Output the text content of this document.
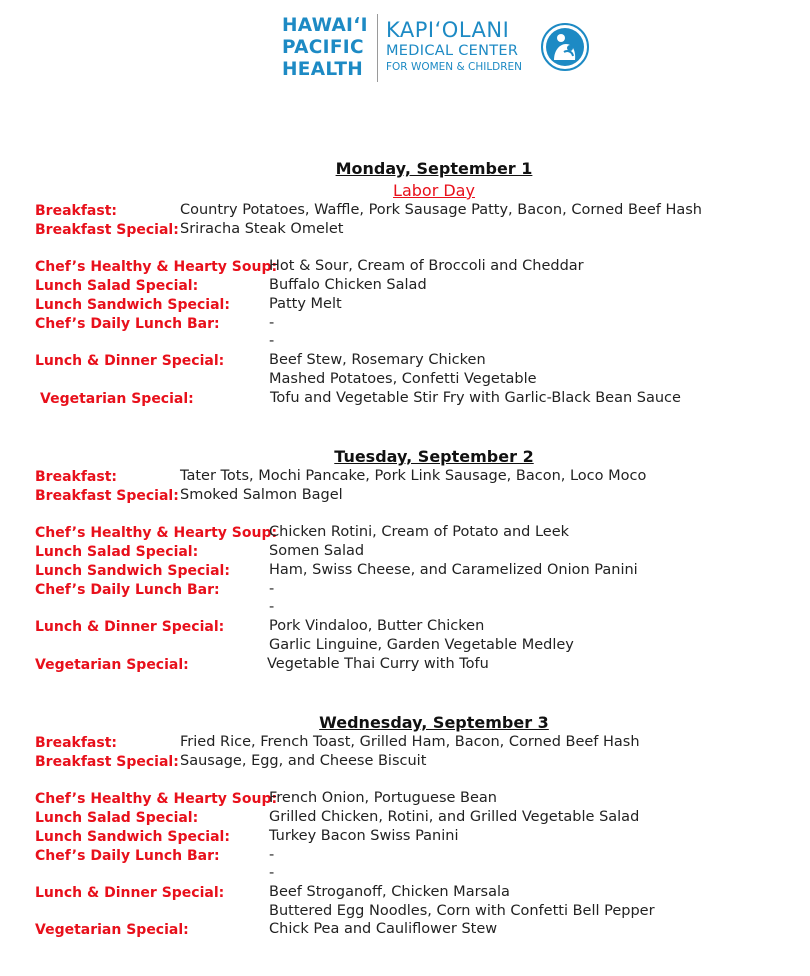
HAWAIʻI
PACIFIC
HEALTH
KAPIʻOLANI
MEDICAL CENTER
FOR WOMEN & CHILDREN
Monday, September 1
Labor Day
Breakfast:	Country Potatoes, Waffle, Pork Sausage Patty, Bacon, Corned Beef Hash
Breakfast Special: Sriracha Steak Omelet
Chef’s Healthy & Hearty Soup:
Hot & Sour, Cream of Broccoli and Cheddar
Lunch Salad Special:	Buffalo Chicken Salad
Lunch Sandwich Special:	Patty Melt
Chef’s Daily Lunch Bar:	-
-
Lunch & Dinner Special:	Beef Stew, Rosemary Chicken
Mashed Potatoes, Confetti Vegetable
Vegetarian Special:	Tofu and Vegetable Stir Fry with Garlic-Black Bean Sauce
Tuesday, September 2
Breakfast:	Tater Tots, Mochi Pancake, Pork Link Sausage, Bacon, Loco Moco
Breakfast Special: Smoked Salmon Bagel
Chef’s Healthy & Hearty Soup:
Chicken Rotini, Cream of Potato and Leek
Lunch Salad Special:	Somen Salad
Lunch Sandwich Special:	Ham, Swiss Cheese, and Caramelized Onion Panini
Chef’s Daily Lunch Bar:	-
-
Lunch & Dinner Special:	Pork Vindaloo, Butter Chicken
Garlic Linguine, Garden Vegetable Medley
Vegetarian Special:	Vegetable Thai Curry with Tofu
Wednesday, September 3
Breakfast:	Fried Rice, French Toast, Grilled Ham, Bacon, Corned Beef Hash
Breakfast Special: Sausage, Egg, and Cheese Biscuit
Chef’s Healthy & Hearty Soup:
French Onion, Portuguese Bean
Lunch Salad Special:	Grilled Chicken, Rotini, and Grilled Vegetable Salad
Lunch Sandwich Special:	Turkey Bacon Swiss Panini
Chef’s Daily Lunch Bar:	-
-
Lunch & Dinner Special:	Beef Stroganoff, Chicken Marsala
Buttered Egg Noodles, Corn with Confetti Bell Pepper
Vegetarian Special:	Chick Pea and Cauliflower Stew
